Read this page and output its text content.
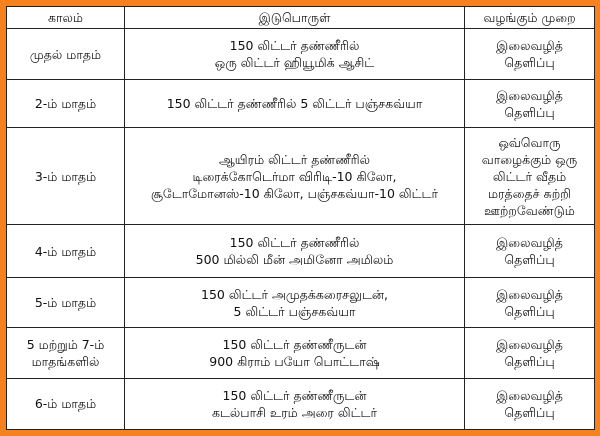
காலம்	இடுபொருள்	வழங்கும் முறை

முதல் மாதம்	150 லிட்டர் தண்ணீரில்
ஒரு லிட்டர் ஹியூமிக் ஆசிட்	இலைவழித்
தெளிப்பு

2-ம் மாதம்	150 லிட்டர் தண்ணீரில் 5 லிட்டர் பஞ்சகவ்யா	இலைவழித்
தெளிப்பு

3-ம் மாதம்	ஆயிரம் லிட்டர் தண்ணீரில்
டிரைக்கோடெர்மா விரிடி-10 கிலோ,
சூடோமோனஸ்-10 கிலோ, பஞ்சகவ்யா-10 லிட்டர்	ஒவ்வொரு
வாழைக்கும் ஒரு
லிட்டர் வீதம்
மரத்தைச் சுற்றி
ஊற்றவேண்டும்

4-ம் மாதம்	150 லிட்டர் தண்ணீரில்
500 மில்லி மீன் அமினோ அமிலம்	இலைவழித்
தெளிப்பு

5-ம் மாதம்	150 லிட்டர் அமுதக்கரைசலுடன்,
5 லிட்டர் பஞ்சகவ்யா	இலைவழித்
தெளிப்பு

5 மற்றும் 7-ம்
மாதங்களில்	150 லிட்டர் தண்ணீருடன்
900 கிராம் பயோ பொட்டாஷ்	இலைவழித்
தெளிப்பு

6-ம் மாதம்	150 லிட்டர் தண்ணீருடன்
கடல்பாசி உரம் அரை லிட்டர்	இலைவழித்
தெளிப்பு
